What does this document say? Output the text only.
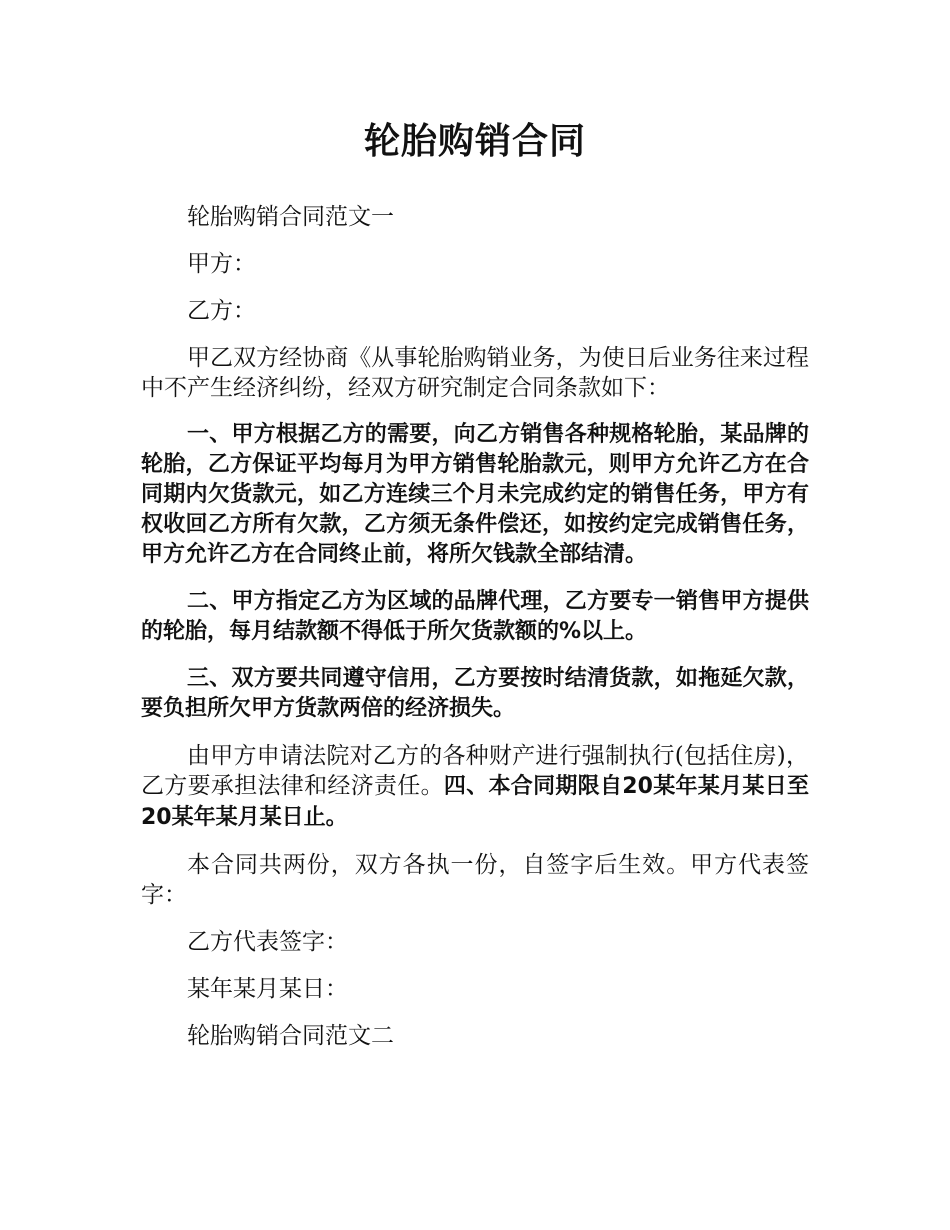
轮胎购销合同

轮胎购销合同范文一

甲方：

乙方：

甲乙双方经协商《从事轮胎购销业务，为使日后业务往来过程中不产生经济纠纷，经双方研究制定合同条款如下：

一、甲方根据乙方的需要，向乙方销售各种规格轮胎，某品牌的轮胎，乙方保证平均每月为甲方销售轮胎款元，则甲方允许乙方在合同期内欠货款元，如乙方连续三个月未完成约定的销售任务，甲方有权收回乙方所有欠款，乙方须无条件偿还，如按约定完成销售任务，甲方允许乙方在合同终止前，将所欠钱款全部结清。

二、甲方指定乙方为区域的品牌代理，乙方要专一销售甲方提供的轮胎，每月结款额不得低于所欠货款额的%以上。

三、双方要共同遵守信用，乙方要按时结清货款，如拖延欠款，要负担所欠甲方货款两倍的经济损失。

由甲方申请法院对乙方的各种财产进行强制执行(包括住房)，乙方要承担法律和经济责任。四、本合同期限自20某年某月某日至20某年某月某日止。

本合同共两份，双方各执一份，自签字后生效。甲方代表签字：

乙方代表签字：

某年某月某日：

轮胎购销合同范文二
